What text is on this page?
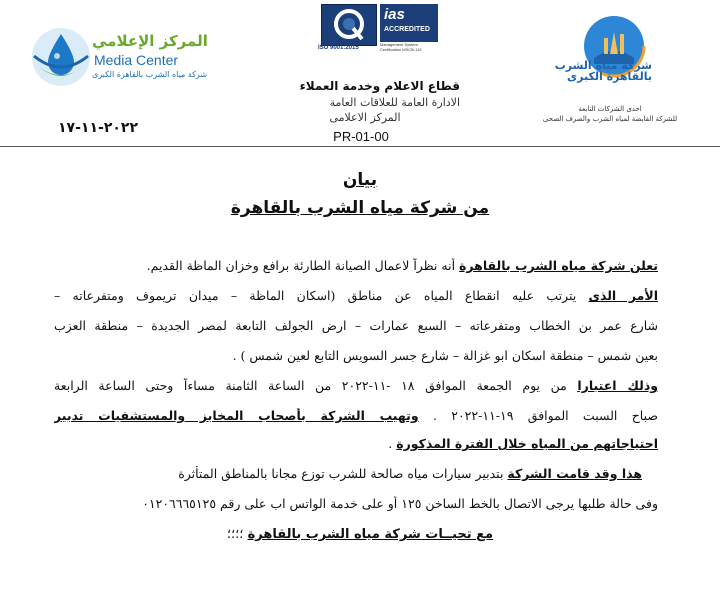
المركز الإعلامي
Media Center
شركة مياه الشرب بالقاهرة الكبرى
ias
ACCREDITED
ISO 9001:2015
Management System Certification MSCB-119
قطاع الاعلام وخدمة العملاء
الادارة العامة للعلاقات العامة
المركز الاعلامى
PR-01-00
٢٠٢٢-١١-١٧
شركة مياه الشرب
بالقاهرة الكبرى
احدى الشركات التابعة
للشركة القابضة لمياه الشرب والصرف الصحى
بيان
من شركة مياه الشرب بالقاهرة
تعلن شركة مياه الشرب بالقاهرة أنه نظراً لاعمال الصيانة الطارئة برافع وخزان الماظة القديم.
الأمر الذى يترتب عليه انقطاع المياه عن مناطق (اسكان الماظة – ميدان تريموف ومتفرعاته –
شارع عمر بن الخطاب ومتفرعاته – السبع عمارات – ارض الجولف التابعة لمصر الجديدة – منطقة العزب
بعين شمس – منطقة اسكان ابو غزالة – شارع جسر السويس التابع لعين شمس ) .
وذلك اعتبارا من يوم الجمعة الموافق ١٨ -١١-٢٠٢٢ من الساعة الثامنة مساءاً وحتى الساعة الرابعة
صباح السبت الموافق ١٩-١١-٢٠٢٢ . وتهيب الشركة بأصحاب المخابز والمستشفيات تدبير
احتياجاتهم من المياه خلال الفترة المذكورة .
هذا وقد قامت الشركة بتدبير سيارات مياه صالحة للشرب توزع مجانا بالمناطق المتأثرة
وفى حالة طلبها يرجى الاتصال بالخط الساخن ١٢٥ أو على خدمة الواتس اب على رقم ٠١٢٠٦٦٦٥١٢٥
مع تحيــات شركة مياه الشرب بالقاهرة ؛؛؛؛
